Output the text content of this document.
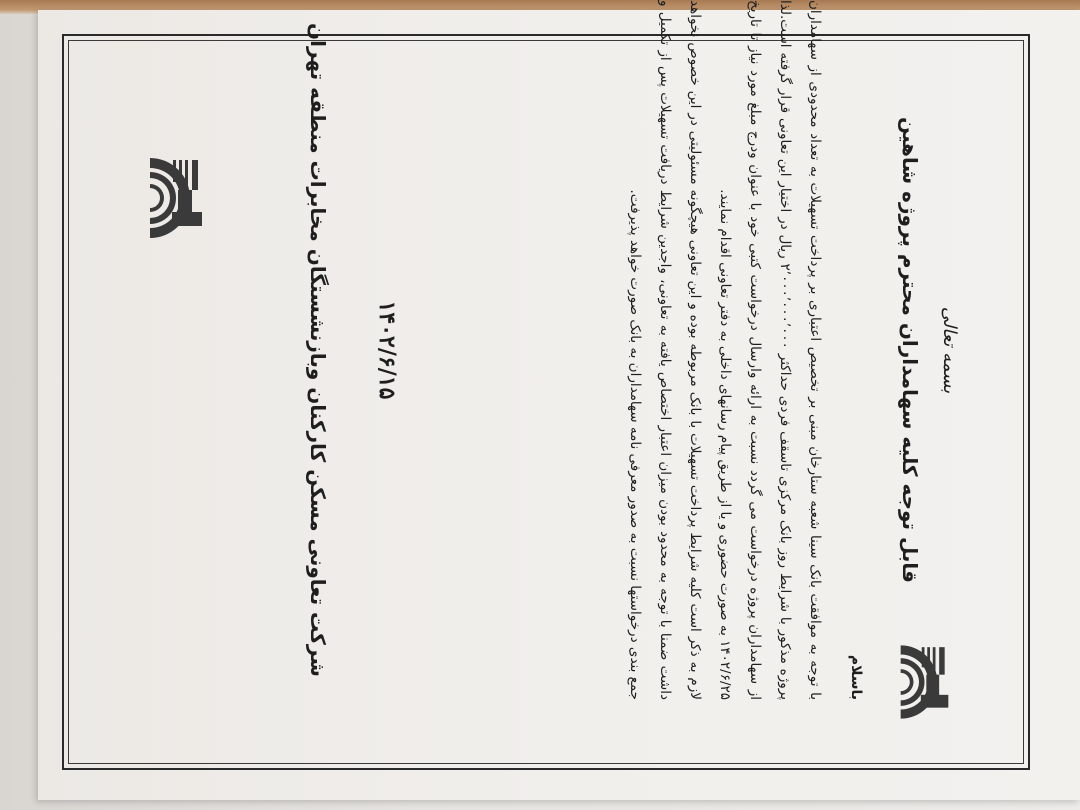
بسمه تعالی
قابل توجه کلیه سهامداران محترم پروژه شاهین
باسلام

با توجه به موافقت بانک سینا شعبه ستارخان مبنی بر تخصیص اعتباری بر پرداخت تسهیلات به تعداد محدودی از سهامداران پروژه مذکور با شرایط روز بانک مرکزی تاسقف فردی حداکثر ۲٬۰۰۰٬۰۰۰٬۰۰۰ ریال در اختیار این تعاونی قرار گرفته است.لذا از سهامداران پروژه درخواست می گردد نسبت به ارائه وارسال درخواست کتبی خود با عنوان ودرج مبلغ مورد نیاز تا تاریخ ۱۴۰۲/۶/۲۵ به صورت حضوری و یا از طریق پیام رسانهای داخلی به دفتر تعاونی اقدام نمایند.

لازم به ذکر است کلیه شرایط پرداخت تسهیلات با بانک مربوطه بوده و این تعاونی هیچگونه مسئولیتی در این خصوص نخواهد داشت ضمنا با توجه به محدود بودن میزان اعتبار اختصاص یافته به تعاونی، واجدین شرایط دریافت تسهیلات پس از تکمیل و جمع بندی درخواستها نسبت به صدور معرفی نامه سهامداران به بانک صورت خواهد پذیرفت.

۱۴۰۲/۶/۱۵
شرکت تعاونی مسکن کارکنان وبازنشستگان مخابرات منطقه تهران
